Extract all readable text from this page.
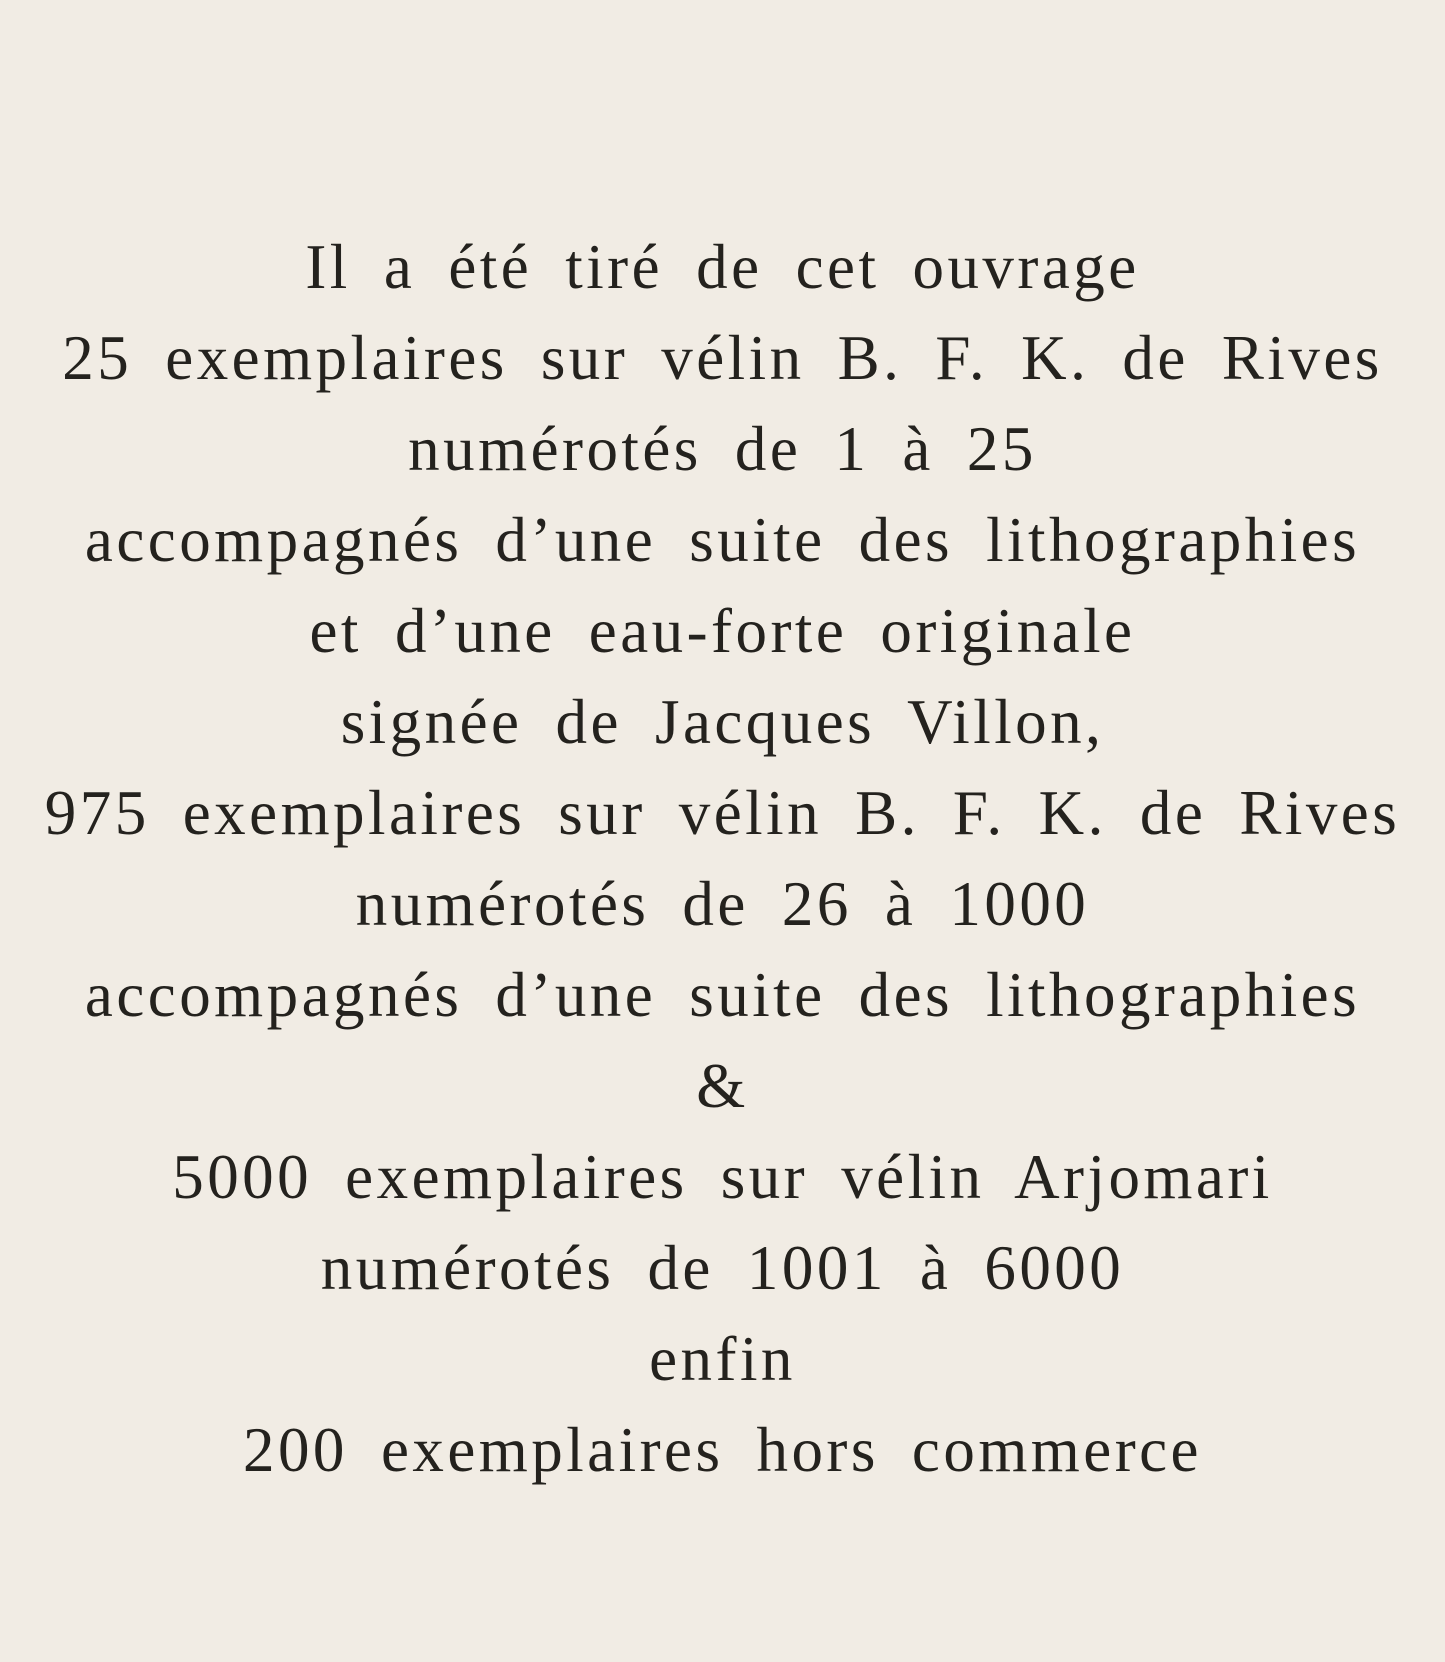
Il a été tiré de cet ouvrage
25 exemplaires sur vélin B. F. K. de Rives
numérotés de 1 à 25
accompagnés d’une suite des lithographies
et d’une eau-forte originale
signée de Jacques Villon,
975 exemplaires sur vélin B. F. K. de Rives
numérotés de 26 à 1000
accompagnés d’une suite des lithographies
&
5000 exemplaires sur vélin Arjomari
numérotés de 1001 à 6000
enfin
200 exemplaires hors commerce
